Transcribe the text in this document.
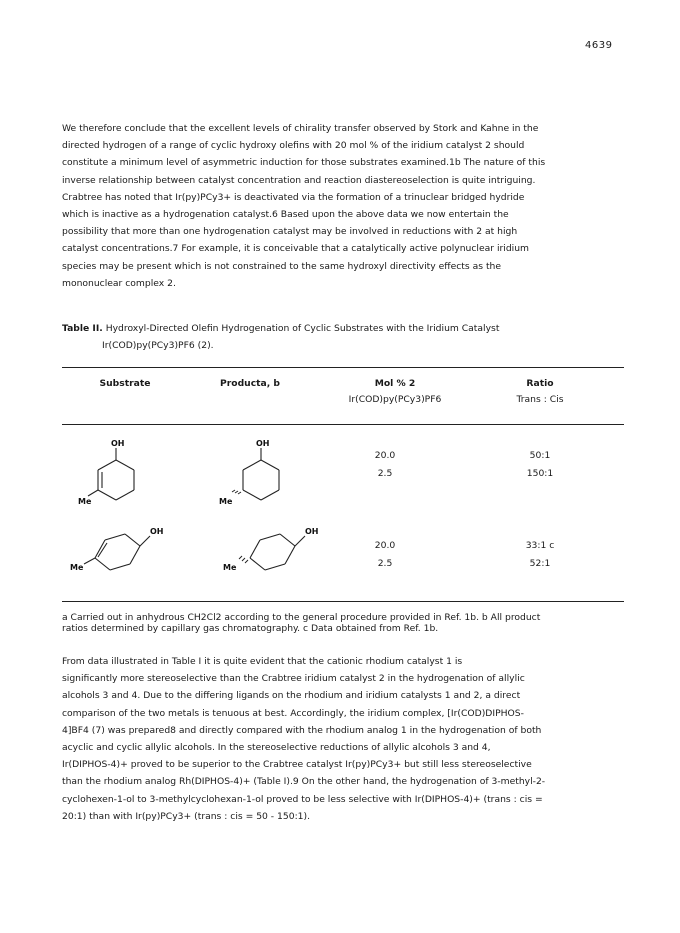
4639
We therefore conclude that the excellent levels of chirality transfer observed by Stork and Kahne in the
directed hydrogen of a range of cyclic hydroxy olefins with 20 mol % of the iridium catalyst 2 should
constitute a minimum level of asymmetric induction for those substrates examined.1b The nature of this
inverse relationship between catalyst concentration and reaction diastereoselection is quite intriguing.
Crabtree has noted that Ir(py)PCy3+ is deactivated via the formation of a trinuclear bridged hydride
which is inactive as a hydrogenation catalyst.6 Based upon the above data we now entertain the
possibility that more than one hydrogenation catalyst may be involved in reductions with 2 at high
catalyst concentrations.7 For example, it is conceivable that a catalytically active polynuclear iridium
species may be present which is not constrained to the same hydroxyl directivity effects as the
mononuclear complex 2.
Table II. Hydroxyl-Directed Olefin Hydrogenation of Cyclic Substrates with the Iridium Catalyst
Ir(COD)py(PCy3)PF6 (2).
Substrate	Producta, b	Mol % 2
Ir(COD)py(PCy3)PF6
Ratio
Trans : Cis
OH
Me
OH
Me
20.0
2.5
50:1
150:1
OH
Me
OH
Me
20.0
2.5
33:1 c
52:1
a Carried out in anhydrous CH2Cl2 according to the general procedure provided in Ref. 1b. b All product
ratios determined by capillary gas chromatography. c Data obtained from Ref. 1b.
From data illustrated in Table I it is quite evident that the cationic rhodium catalyst 1 is
significantly more stereoselective than the Crabtree iridium catalyst 2 in the hydrogenation of allylic
alcohols 3 and 4. Due to the differing ligands on the rhodium and iridium catalysts 1 and 2, a direct
comparison of the two metals is tenuous at best. Accordingly, the iridium complex, [Ir(COD)DIPHOS-
4]BF4 (7) was prepared8 and directly compared with the rhodium analog 1 in the hydrogenation of both
acyclic and cyclic allylic alcohols. In the stereoselective reductions of allylic alcohols 3 and 4,
Ir(DIPHOS-4)+ proved to be superior to the Crabtree catalyst Ir(py)PCy3+ but still less stereoselective
than the rhodium analog Rh(DIPHOS-4)+ (Table I).9 On the other hand, the hydrogenation of 3-methyl-2-
cyclohexen-1-ol to 3-methylcyclohexan-1-ol proved to be less selective with Ir(DIPHOS-4)+ (trans : cis =
20:1) than with Ir(py)PCy3+ (trans : cis = 50 - 150:1).
